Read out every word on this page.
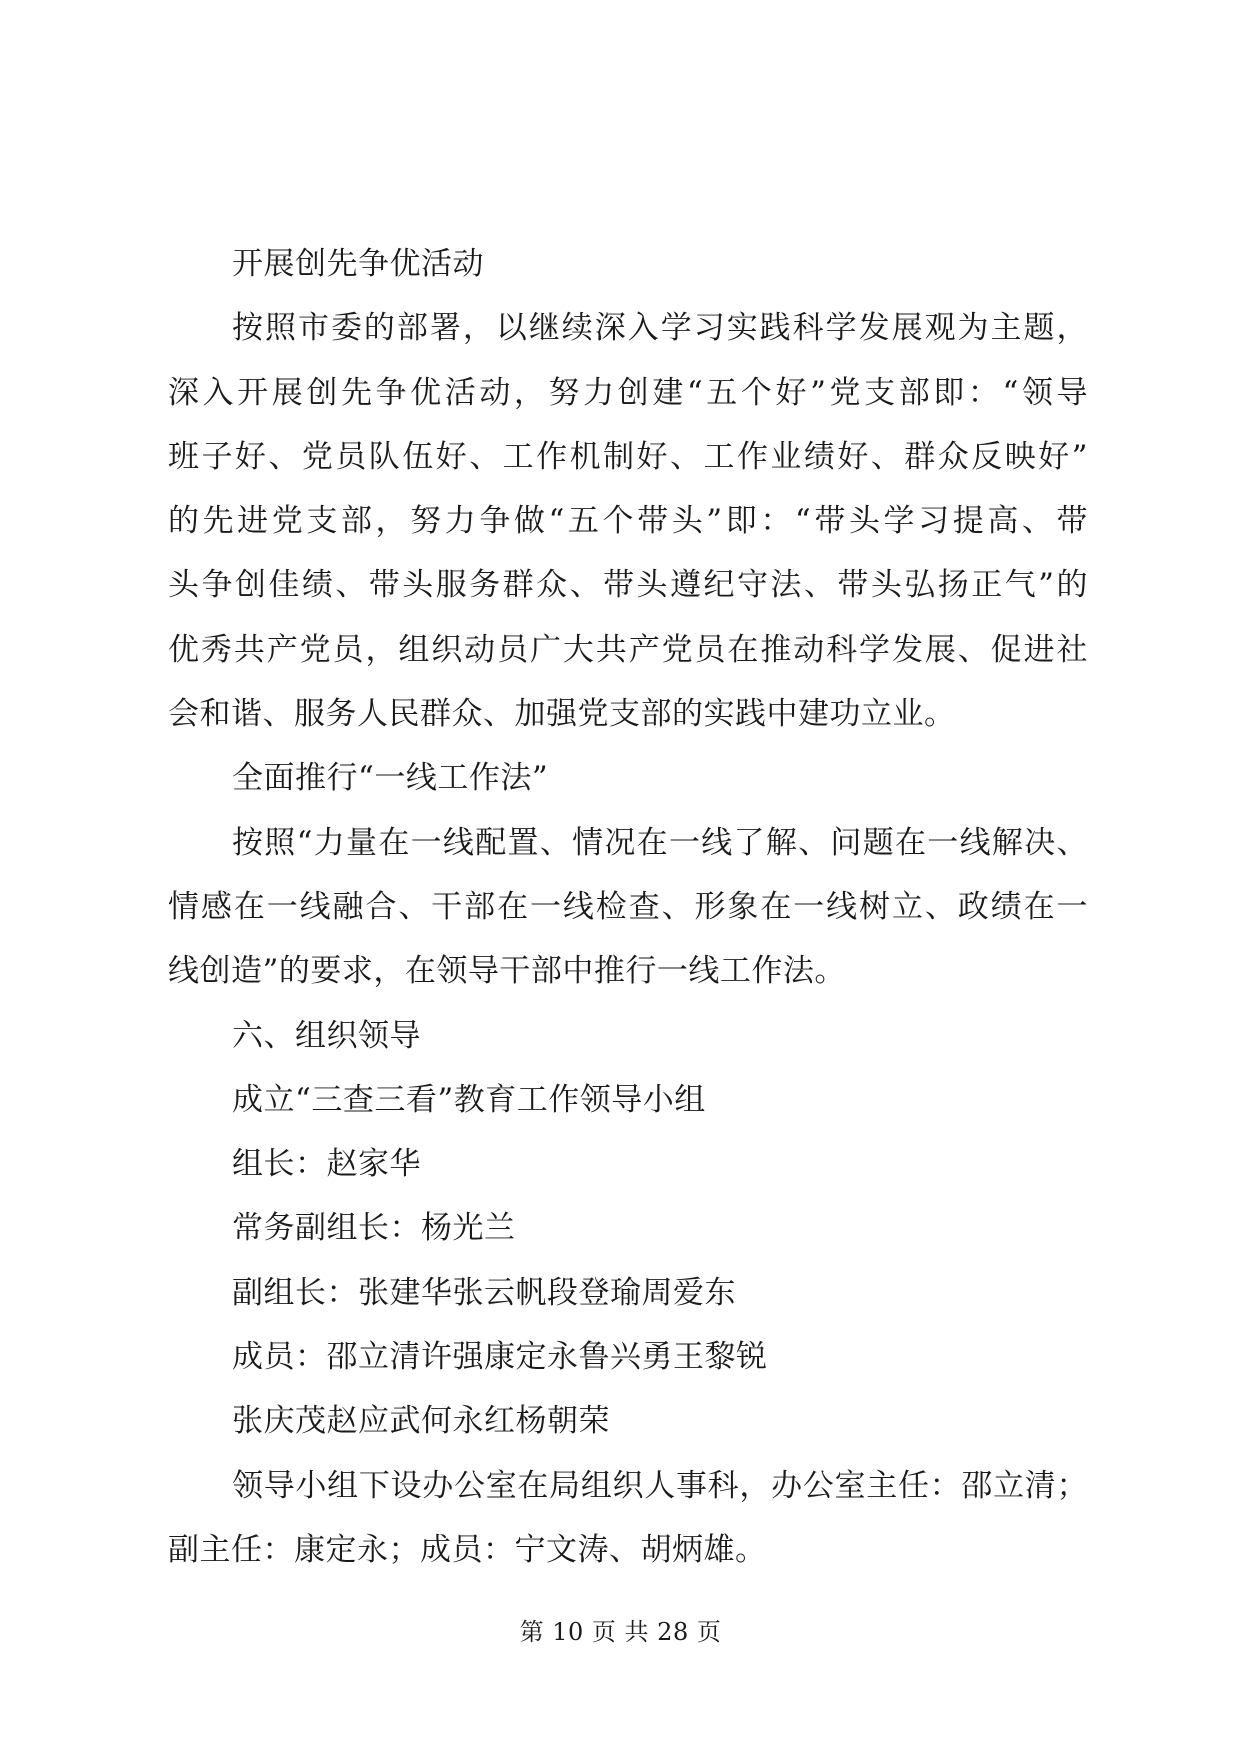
开展创先争优活动
按照市委的部署，以继续深入学习实践科学发展观为主题，
深入开展创先争优活动，努力创建“五个好”党支部即：“领导
班子好、党员队伍好、工作机制好、工作业绩好、群众反映好”
的先进党支部，努力争做“五个带头”即：“带头学习提高、带
头争创佳绩、带头服务群众、带头遵纪守法、带头弘扬正气”的
优秀共产党员，组织动员广大共产党员在推动科学发展、促进社
会和谐、服务人民群众、加强党支部的实践中建功立业。
全面推行“一线工作法”
按照“力量在一线配置、情况在一线了解、问题在一线解决、
情感在一线融合、干部在一线检查、形象在一线树立、政绩在一
线创造”的要求，在领导干部中推行一线工作法。
六、组织领导
成立“三查三看”教育工作领导小组
组长：赵家华
常务副组长：杨光兰
副组长：张建华张云帆段登瑜周爱东
成员：邵立清许强康定永鲁兴勇王黎锐
张庆茂赵应武何永红杨朝荣
领导小组下设办公室在局组织人事科，办公室主任：邵立清；
副主任：康定永；成员：宁文涛、胡炳雄。
第 10 页 共 28 页
